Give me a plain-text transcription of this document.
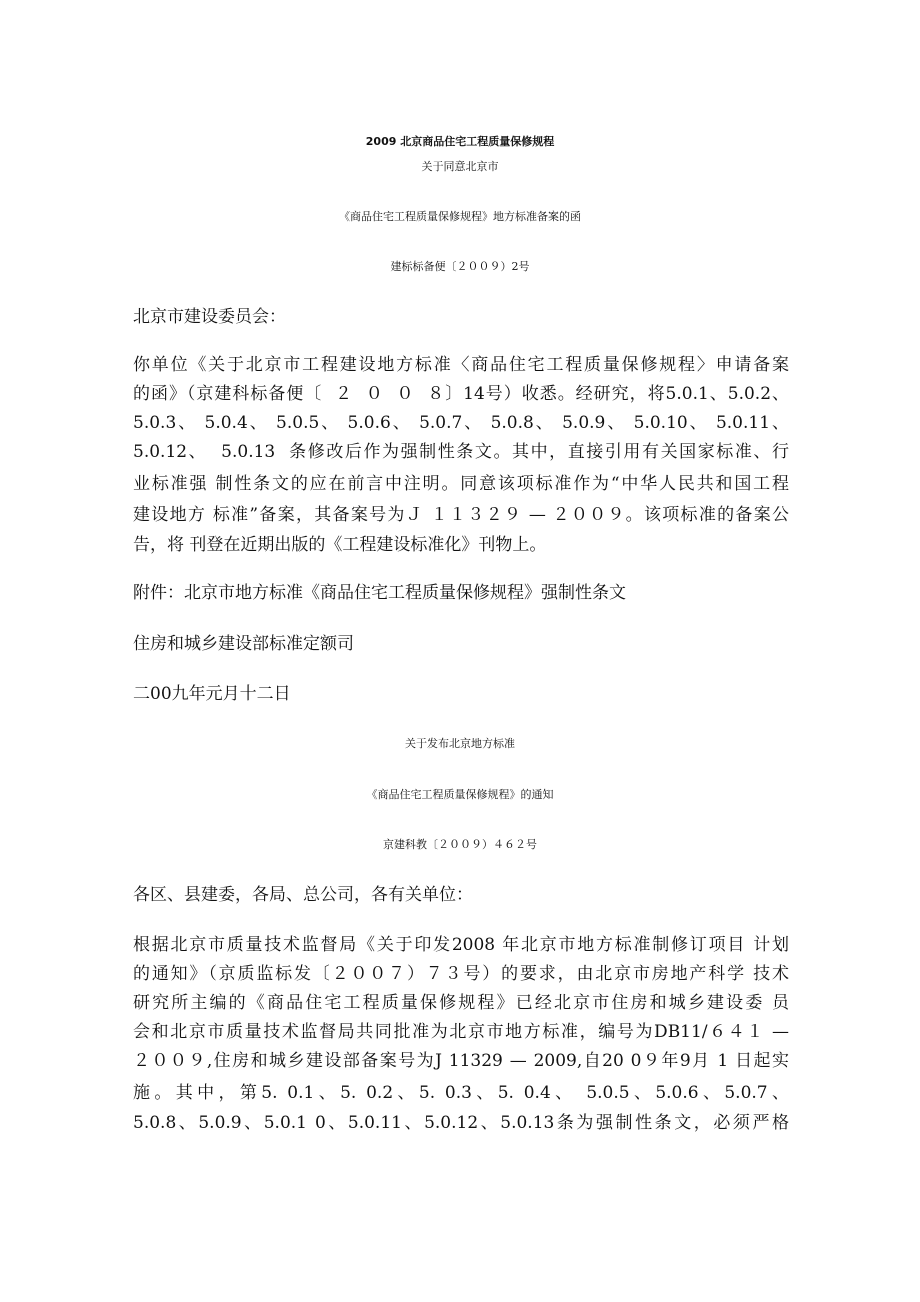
2009 北京商品住宅工程质量保修规程
关于同意北京市
《商品住宅工程质量保修规程》地方标准备案的函
建标标备便〔２００９）2号
北京市建设委员会：
你单位《关于北京市工程建设地方标准〈商品住宅工程质量保修规程〉申请备案
的函》（京建科标备便〔  ２  ０  ０  ８〕14号）收悉。经研究，将5.0.1、5.0.2、
5.0.3、 5.0.4、 5.0.5、 5.0.6、 5.0.7、 5.0.8、 5.0.9、 5.0.10、 5.0.11、
5.0.12、  5.0.13  条修改后作为强制性条文。其中，直接引用有关国家标准、行
业标准强 制性条文的应在前言中注明。同意该项标准作为“中华人民共和国工程
建设地方 标准”备案，其备案号为Ｊ １１３２９ — ２００９。该项标准的备案公
告，将 刊登在近期出版的《工程建设标准化》刊物上。
附件：北京市地方标准《商品住宅工程质量保修规程》强制性条文
住房和城乡建设部标准定额司
二00九年元月十二日
关于发布北京地方标准
《商品住宅工程质量保修规程》的通知
京建科教〔２００９）４６２号
各区、县建委，各局、总公司，各有关单位：
根据北京市质量技术监督局《关于印发2008 年北京市地方标准制修订项目 计划
的通知》（京质监标发〔２００７）７３号）的要求，由北京市房地产科学 技术
研究所主编的《商品住宅工程质量保修规程》已经北京市住房和城乡建设委 员
会和北京市质量技术监督局共同批准为北京市地方标准，编号为DB11/６４１ —
２００９,住房和城乡建设部备案号为J 11329 — 2009,自20 0９年9月 1 日起实
施。其中，第5. 0.1、5. 0.2、5. 0.3、5. 0.4、 5.0.5、5.0.6、5.0.7、
5.0.8、5.0.9、5.0.1 0、5.0.11、5.0.12、5.0.13条为强制性条文，必须严格
